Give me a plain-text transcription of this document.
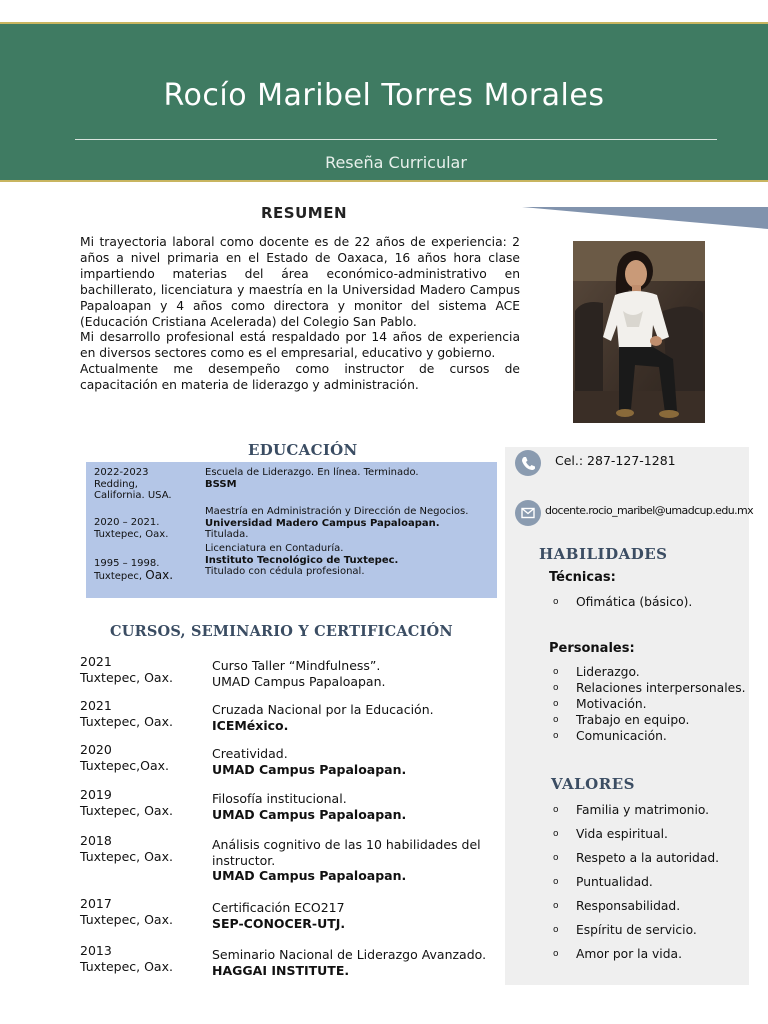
Rocío Maribel Torres Morales
Reseña Curricular
RESUMEN

Mi trayectoria laboral como docente es de 22 años de experiencia: 2 años a nivel primaria en el Estado de Oaxaca, 16 años hora clase impartiendo materias del área económico-administrativo en bachillerato, licenciatura y maestría en la Universidad Madero Campus Papaloapan y 4 años como directora y monitor del sistema ACE (Educación Cristiana Acelerada) del Colegio San Pablo.

Mi desarrollo profesional está respaldado por 14 años de experiencia en diversos sectores como es el empresarial, educativo y gobierno.

Actualmente me desempeño como instructor de cursos de capacitación en materia de liderazgo y administración.

EDUCACIÓN
2022-2023
Redding,
California. USA.
Escuela de Liderazgo. En línea. Terminado.
BSSM
2020 – 2021.
Tuxtepec, Oax.
Maestría en Administración y Dirección de Negocios.
Universidad Madero Campus Papaloapan.
Titulada.
1995 – 1998.
Tuxtepec, Oax.
Licenciatura en Contaduría.
Instituto Tecnológico de Tuxtepec.
Titulado con cédula profesional.
CURSOS, SEMINARIO Y CERTIFICACIÓN
2021
Tuxtepec, Oax.
Curso Taller “Mindfulness”.
UMAD Campus Papaloapan.
2021
Tuxtepec, Oax.
Cruzada Nacional por la Educación.
ICEMéxico.
2020
Tuxtepec,Oax.
Creatividad.
UMAD Campus Papaloapan.
2019
Tuxtepec, Oax.
Filosofía institucional.
UMAD Campus Papaloapan.
2018
Tuxtepec, Oax.
Análisis cognitivo de las 10 habilidades del instructor.
UMAD Campus Papaloapan.
2017
Tuxtepec, Oax.
Certificación ECO217
SEP-CONOCER-UTJ.
2013
Tuxtepec, Oax.
Seminario Nacional de Liderazgo Avanzado.
HAGGAI INSTITUTE.
Cel.: 287-127-1281
docente.rocio_maribel@umadcup.edu.mx
HABILIDADES
Técnicas:
o Ofimática (básico).
Personales:
o Liderazgo.
o Relaciones interpersonales.
o Motivación.
o Trabajo en equipo.
o Comunicación.
VALORES
o Familia y matrimonio.
o Vida espiritual.
o Respeto a la autoridad.
o Puntualidad.
o Responsabilidad.
o Espíritu de servicio.
o Amor por la vida.
